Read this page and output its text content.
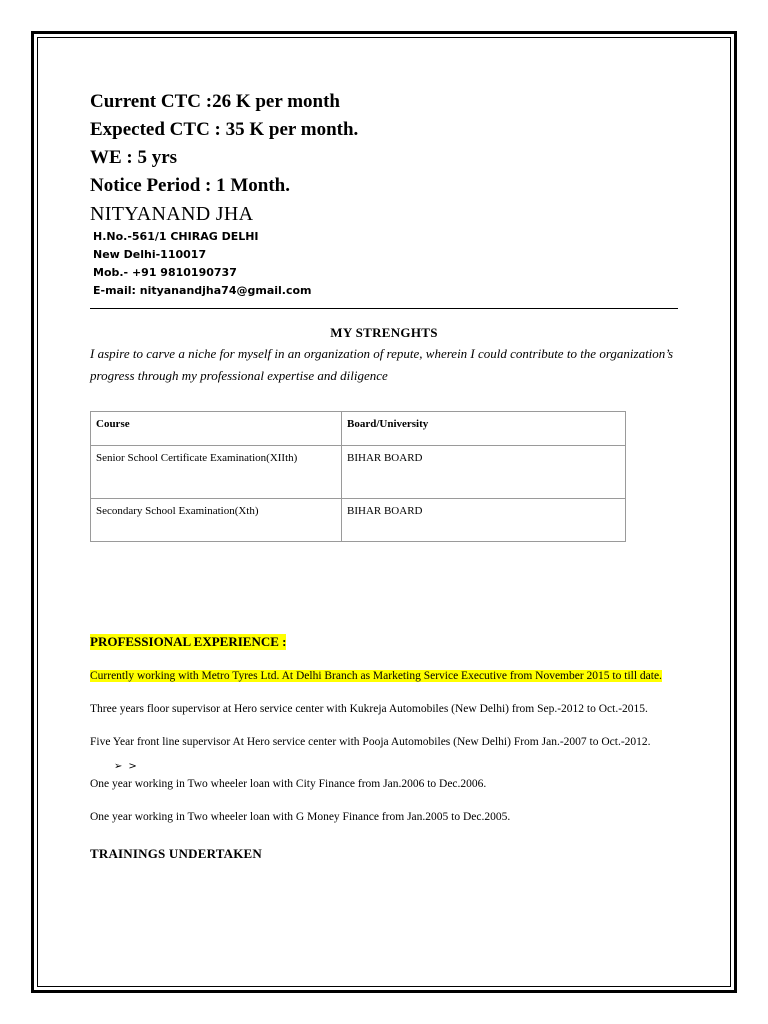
Current CTC :26 K per month
Expected CTC : 35 K per month.
WE : 5 yrs
Notice Period : 1 Month.
NITYANAND JHA
H.No.-561/1 CHIRAG DELHI
New Delhi-110017
Mob.- +91 9810190737
E-mail: nityanandjha74@gmail.com
MY STRENGHTS
I aspire to carve a niche for myself in an organization of repute, wherein I could contribute to the organization’s progress through my professional expertise and diligence
Course	Board/University
Senior School Certificate Examination(XIIth)	BIHAR BOARD
Secondary School Examination(Xth)	BIHAR BOARD
PROFESSIONAL EXPERIENCE :
Currently working with Metro Tyres Ltd. At Delhi Branch as Marketing Service Executive from November 2015 to till date.
Three years floor supervisor at Hero service center with Kukreja Automobiles (New Delhi) from Sep.-2012 to Oct.-2015.
Five Year front line supervisor At Hero service center with Pooja Automobiles (New Delhi) From Jan.-2007 to Oct.-2012.
➢ >
One year working in Two wheeler loan with City Finance from Jan.2006 to Dec.2006.
One year working in Two wheeler loan with G Money Finance from Jan.2005 to Dec.2005.
TRAININGS UNDERTAKEN
